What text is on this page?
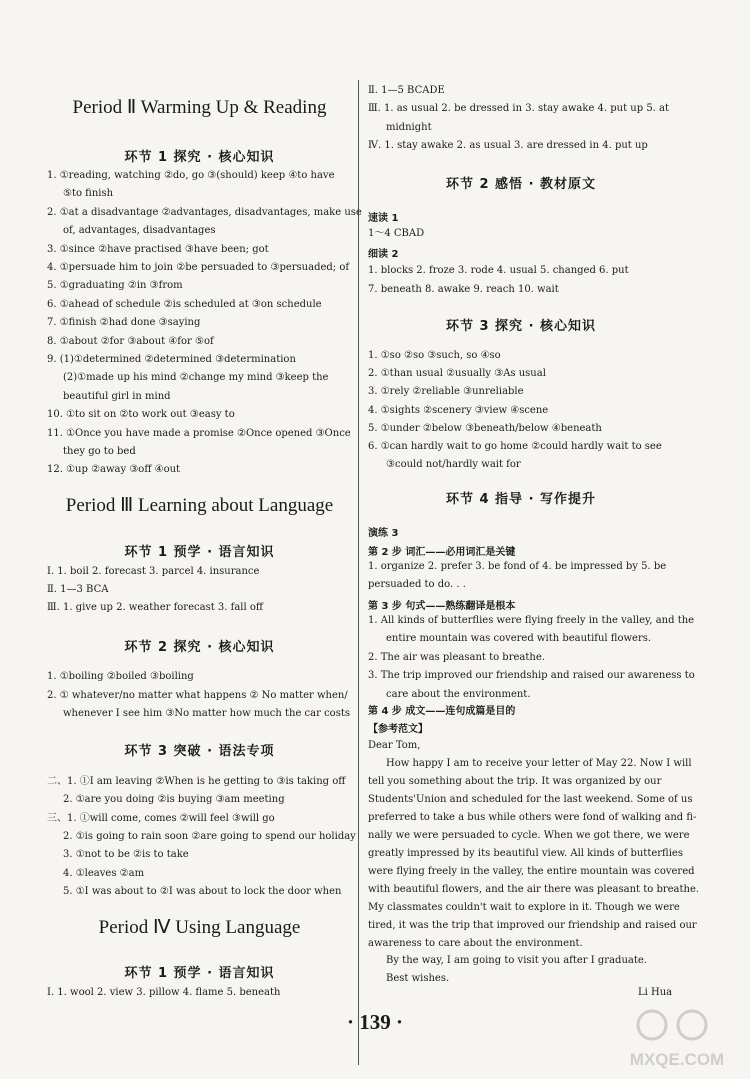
Period Ⅱ Warming Up & Reading
环节 1 探究 · 核心知识
1. ①reading, watching ②do, go ③(should) keep ④to have
⑤to finish
2. ①at a disadvantage ②advantages, disadvantages, make use
of, advantages, disadvantages
3. ①since ②have practised ③have been; got
4. ①persuade him to join ②be persuaded to ③persuaded; of
5. ①graduating ②in ③from
6. ①ahead of schedule ②is scheduled at ③on schedule
7. ①finish ②had done ③saying
8. ①about ②for ③about ④for ⑤of
9. (1)①determined ②determined ③determination
(2)①made up his mind ②change my mind ③keep the
beautiful girl in mind
10. ①to sit on ②to work out ③easy to
11. ①Once you have made a promise ②Once opened ③Once
they go to bed
12. ①up ②away ③off ④out
Period Ⅲ Learning about Language
环节 1 预学 · 语言知识
Ⅰ. 1. boil 2. forecast 3. parcel 4. insurance
Ⅱ. 1—3 BCA
Ⅲ. 1. give up 2. weather forecast 3. fall off
环节 2 探究 · 核心知识
1. ①boiling ②boiled ③boiling
2. ① whatever/no matter what happens ② No matter when/
whenever I see him ③No matter how much the car costs
环节 3 突破 · 语法专项
二、1. ①I am leaving ②When is he getting to ③is taking off
2. ①are you doing ②is buying ③am meeting
三、1. ①will come, comes ②will feel ③will go
2. ①is going to rain soon ②are going to spend our holiday
3. ①not to be ②is to take
4. ①leaves ②am
5. ①I was about to ②I was about to lock the door when
Period Ⅳ Using Language
环节 1 预学 · 语言知识
Ⅰ. 1. wool 2. view 3. pillow 4. flame 5. beneath
Ⅱ. 1—5 BCADE
Ⅲ. 1. as usual 2. be dressed in 3. stay awake 4. put up 5. at
midnight
Ⅳ. 1. stay awake 2. as usual 3. are dressed in 4. put up
环节 2 感悟 · 教材原文
速读 1
1～4 CBAD
细读 2
1. blocks 2. froze 3. rode 4. usual 5. changed 6. put
7. beneath 8. awake 9. reach 10. wait
环节 3 探究 · 核心知识
1. ①so ②so ③such, so ④so
2. ①than usual ②usually ③As usual
3. ①rely ②reliable ③unreliable
4. ①sights ②scenery ③view ④scene
5. ①under ②below ③beneath/below ④beneath
6. ①can hardly wait to go home ②could hardly wait to see
③could not/hardly wait for
环节 4 指导 · 写作提升
演练 3
第 2 步 词汇——必用词汇是关键
1. organize 2. prefer 3. be fond of 4. be impressed by 5. be
persuaded to do. . .
第 3 步 句式——熟练翻译是根本
1. All kinds of butterflies were flying freely in the valley, and the
entire mountain was covered with beautiful flowers.
2. The air was pleasant to breathe.
3. The trip improved our friendship and raised our awareness to
care about the environment.
第 4 步 成文——连句成篇是目的
【参考范文】
Dear Tom,
How happy I am to receive your letter of May 22. Now I will
tell you something about the trip. It was organized by our
Students'Union and scheduled for the last weekend. Some of us
preferred to take a bus while others were fond of walking and fi-
nally we were persuaded to cycle. When we got there, we were
greatly impressed by its beautiful view. All kinds of butterflies
were flying freely in the valley, the entire mountain was covered
with beautiful flowers, and the air there was pleasant to breathe.
My classmates couldn't wait to explore in it. Though we were
tired, it was the trip that improved our friendship and raised our
awareness to care about the environment.
By the way, I am going to visit you after I graduate.
Best wishes.
Li Hua
· 139 ·
MXQE.COM
